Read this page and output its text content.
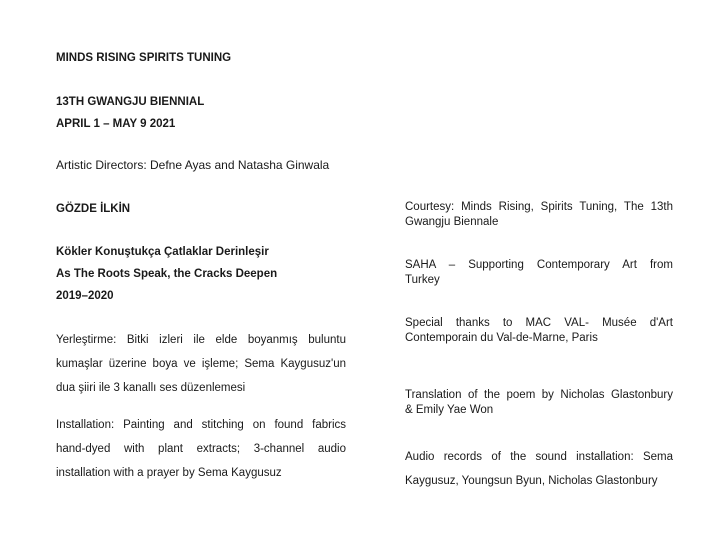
MINDS RISING SPIRITS TUNING
13TH GWANGJU BIENNIAL
APRIL 1 – MAY 9 2021
Artistic Directors: Defne Ayas and Natasha Ginwala
GÖZDE İLKİN
Kökler Konuştukça Çatlaklar Derinleşir
As The Roots Speak, the Cracks Deepen
2019–2020
Yerleştirme: Bitki izleri ile elde boyanmış buluntu
kumaşlar üzerine boya ve işleme; Sema Kaygusuz'un
dua şiiri ile 3 kanallı ses düzenlemesi
Installation: Painting and stitching on found fabrics
hand-dyed with plant extracts; 3-channel audio
installation with a prayer by Sema Kaygusuz
Courtesy: Minds Rising, Spirits Tuning, The 13th
Gwangju Biennale
SAHA – Supporting Contemporary Art from
Turkey
Special thanks to MAC VAL- Musée d'Art
Contemporain du Val-de-Marne, Paris
Translation of the poem by Nicholas Glastonbury
& Emily Yae Won
Audio records of the sound installation: Sema
Kaygusuz, Youngsun Byun, Nicholas Glastonbury
